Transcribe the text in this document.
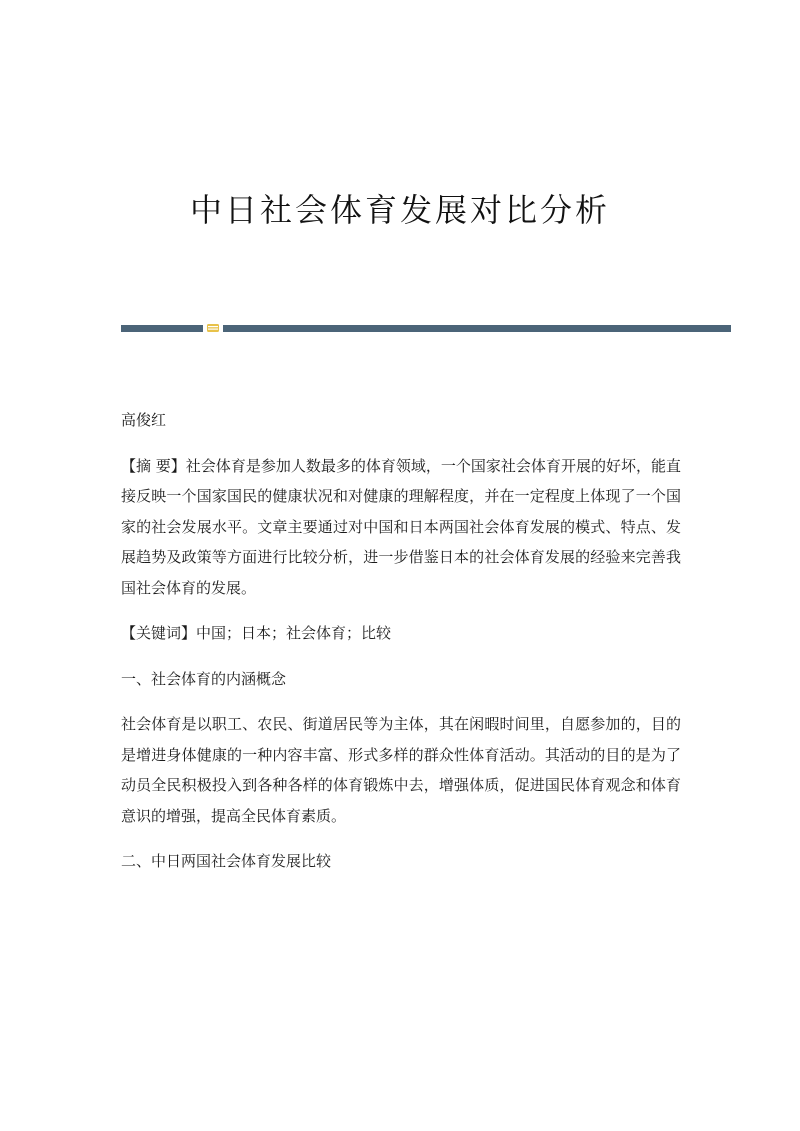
中日社会体育发展对比分析

高俊红

【摘 要】社会体育是参加人数最多的体育领域，一个国家社会体育开展的好坏，能直接反映一个国家国民的健康状况和对健康的理解程度，并在一定程度上体现了一个国家的社会发展水平。文章主要通过对中国和日本两国社会体育发展的模式、特点、发展趋势及政策等方面进行比较分析，进一步借鉴日本的社会体育发展的经验来完善我国社会体育的发展。

【关键词】中国；日本；社会体育；比较

一、社会体育的内涵概念

社会体育是以职工、农民、街道居民等为主体，其在闲暇时间里，自愿参加的，目的是增进身体健康的一种内容丰富、形式多样的群众性体育活动。其活动的目的是为了动员全民积极投入到各种各样的体育锻炼中去，增强体质，促进国民体育观念和体育意识的增强，提高全民体育素质。

二、中日两国社会体育发展比较
